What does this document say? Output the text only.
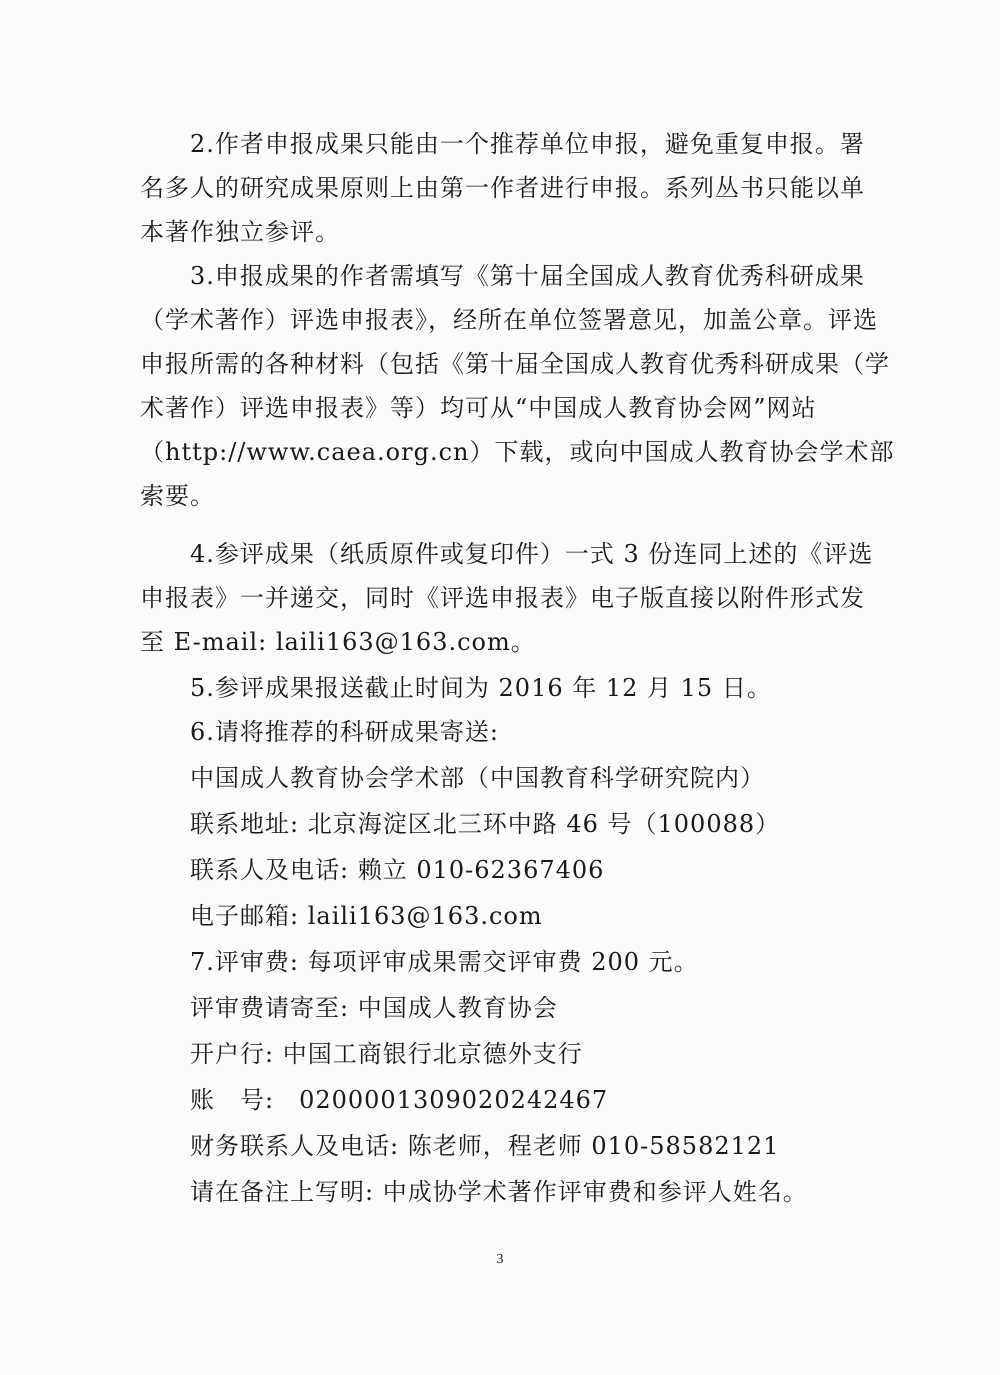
2.作者申报成果只能由一个推荐单位申报，避免重复申报。署
名多人的研究成果原则上由第一作者进行申报。系列丛书只能以单
本著作独立参评。
3.申报成果的作者需填写《第十届全国成人教育优秀科研成果
（学术著作）评选申报表》，经所在单位签署意见，加盖公章。评选
申报所需的各种材料（包括《第十届全国成人教育优秀科研成果（学
术著作）评选申报表》等）均可从“中国成人教育协会网”网站
（http://www.caea.org.cn）下载，或向中国成人教育协会学术部
索要。
4.参评成果（纸质原件或复印件）一式 3 份连同上述的《评选
申报表》一并递交，同时《评选申报表》电子版直接以附件形式发
至 E-mail: laili163@163.com。
5.参评成果报送截止时间为 2016 年 12 月 15 日。
6.请将推荐的科研成果寄送:
中国成人教育协会学术部（中国教育科学研究院内）
联系地址: 北京海淀区北三环中路 46 号（100088）
联系人及电话: 赖立 010-62367406
电子邮箱: laili163@163.com
7.评审费: 每项评审成果需交评审费 200 元。
评审费请寄至: 中国成人教育协会
开户行: 中国工商银行北京德外支行
账　号:　0200001309020242467
财务联系人及电话: 陈老师，程老师 010-58582121
请在备注上写明: 中成协学术著作评审费和参评人姓名。
3
